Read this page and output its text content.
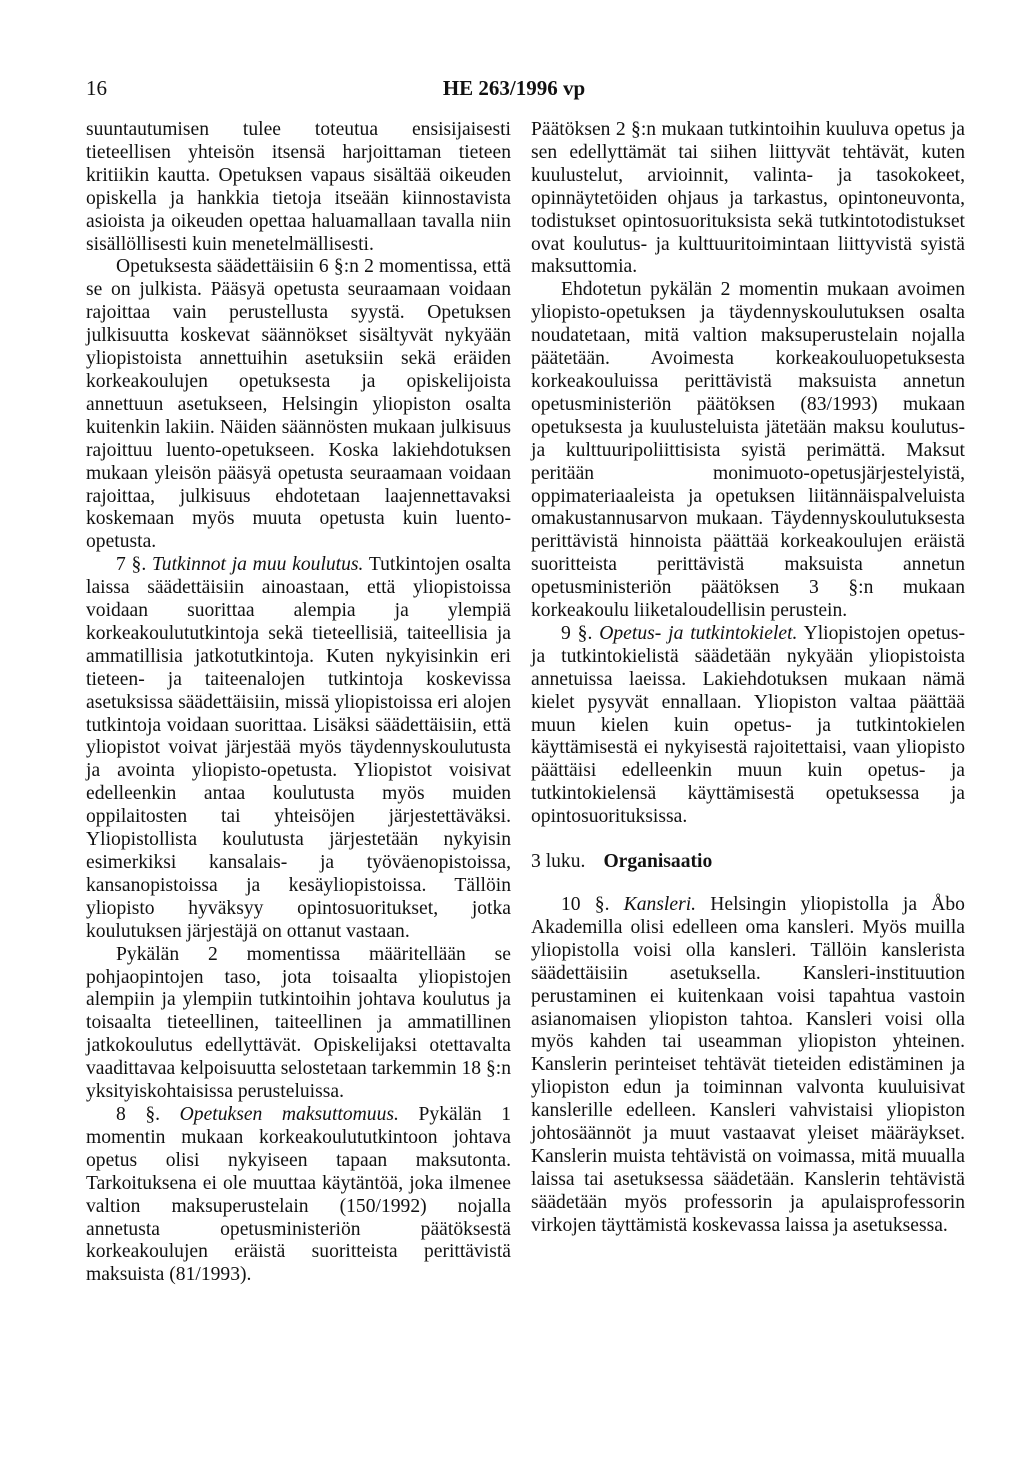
16	HE 263/1996 vp

suuntautumisen tulee toteutua ensisijaisesti tieteellisen yhteisön itsensä harjoittaman tieteen kritiikin kautta. Opetuksen vapaus sisältää oikeuden opiskella ja hankkia tietoja itseään kiinnostavista asioista ja oikeuden opettaa haluamallaan tavalla niin sisällöllisesti kuin menetelmällisesti.

Opetuksesta säädettäisiin 6 §:n 2 momentissa, että se on julkista. Pääsyä opetusta seuraamaan voidaan rajoittaa vain perustellusta syystä. Opetuksen julkisuutta koskevat säännökset sisältyvät nykyään yliopistoista annettuihin asetuksiin sekä eräiden korkeakoulujen opetuksesta ja opiskelijoista annettuun asetukseen, Helsingin yliopiston osalta kuitenkin lakiin. Näiden säännösten mukaan julkisuus rajoittuu luento-opetukseen. Koska lakiehdotuksen mukaan yleisön pääsyä opetusta seuraamaan voidaan rajoittaa, julkisuus ehdotetaan laajennettavaksi koskemaan myös muuta opetusta kuin luento-opetusta.

7 §. Tutkinnot ja muu koulutus. Tutkintojen osalta laissa säädettäisiin ainoastaan, että yliopistoissa voidaan suorittaa alempia ja ylempiä korkeakoulututkintoja sekä tieteellisiä, taiteellisia ja ammatillisia jatkotutkintoja. Kuten nykyisinkin eri tieteen- ja taiteenalojen tutkintoja koskevissa asetuksissa säädettäisiin, missä yliopistoissa eri alojen tutkintoja voidaan suorittaa. Lisäksi säädettäisiin, että yliopistot voivat järjestää myös täydennyskoulutusta ja avointa yliopisto-opetusta. Yliopistot voisivat edelleenkin antaa koulutusta myös muiden oppilaitosten tai yhteisöjen järjestettäväksi. Yliopistollista koulutusta järjestetään nykyisin esimerkiksi kansalais- ja työväenopistoissa, kansanopistoissa ja kesäyliopistoissa. Tällöin yliopisto hyväksyy opintosuoritukset, jotka koulutuksen järjestäjä on ottanut vastaan.

Pykälän 2 momentissa määritellään se pohjaopintojen taso, jota toisaalta yliopistojen alempiin ja ylempiin tutkintoihin johtava koulutus ja toisaalta tieteellinen, taiteellinen ja ammatillinen jatkokoulutus edellyttävät. Opiskelijaksi otettavalta vaadittavaa kelpoisuutta selostetaan tarkemmin 18 §:n yksityiskohtaisissa perusteluissa.

8 §. Opetuksen maksuttomuus. Pykälän 1 momentin mukaan korkeakoulututkintoon johtava opetus olisi nykyiseen tapaan maksutonta. Tarkoituksena ei ole muuttaa käytäntöä, joka ilmenee valtion maksuperustelain (150/1992) nojalla annetusta opetusministeriön päätöksestä korkeakoulujen eräistä suoritteista perittävistä maksuista (81/1993).

Päätöksen 2 §:n mukaan tutkintoihin kuuluva opetus ja sen edellyttämät tai siihen liittyvät tehtävät, kuten kuulustelut, arvioinnit, valinta- ja tasokokeet, opinnäytetöiden ohjaus ja tarkastus, opintoneuvonta, todistukset opintosuorituksista sekä tutkintotodistukset ovat koulutus- ja kulttuuritoimintaan liittyvistä syistä maksuttomia.

Ehdotetun pykälän 2 momentin mukaan avoimen yliopisto-opetuksen ja täydennyskoulutuksen osalta noudatetaan, mitä valtion maksuperustelain nojalla päätetään. Avoimesta korkeakouluopetuksesta korkeakouluissa perittävistä maksuista annetun opetusministeriön päätöksen (83/1993) mukaan opetuksesta ja kuulusteluista jätetään maksu koulutus- ja kulttuuripoliittisista syistä perimättä. Maksut peritään monimuoto-opetusjärjestelyistä, oppimateriaaleista ja opetuksen liitännäispalveluista omakustannusarvon mukaan. Täydennyskoulutuksesta perittävistä hinnoista päättää korkeakoulujen eräistä suoritteista perittävistä maksuista annetun opetusministeriön päätöksen 3 §:n mukaan korkeakoulu liiketaloudellisin perustein.

9 §. Opetus- ja tutkintokielet. Yliopistojen opetus- ja tutkintokielistä säädetään nykyään yliopistoista annetuissa laeissa. Lakiehdotuksen mukaan nämä kielet pysyvät ennallaan. Yliopiston valtaa päättää muun kielen kuin opetus- ja tutkintokielen käyttämisestä ei nykyisestä rajoitettaisi, vaan yliopisto päättäisi edelleenkin muun kuin opetus- ja tutkintokielensä käyttämisestä opetuksessa ja opintosuorituksissa.

3 luku. Organisaatio

10 §. Kansleri. Helsingin yliopistolla ja Åbo Akademilla olisi edelleen oma kansleri. Myös muilla yliopistolla voisi olla kansleri. Tällöin kanslerista säädettäisiin asetuksella. Kansleri-instituution perustaminen ei kuitenkaan voisi tapahtua vastoin asianomaisen yliopiston tahtoa. Kansleri voisi olla myös kahden tai useamman yliopiston yhteinen. Kanslerin perinteiset tehtävät tieteiden edistäminen ja yliopiston edun ja toiminnan valvonta kuuluisivat kanslerille edelleen. Kansleri vahvistaisi yliopiston johtosäännöt ja muut vastaavat yleiset määräykset. Kanslerin muista tehtävistä on voimassa, mitä muualla laissa tai asetuksessa säädetään. Kanslerin tehtävistä säädetään myös professorin ja apulaisprofessorin virkojen täyttämistä koskevassa laissa ja asetuksessa.
